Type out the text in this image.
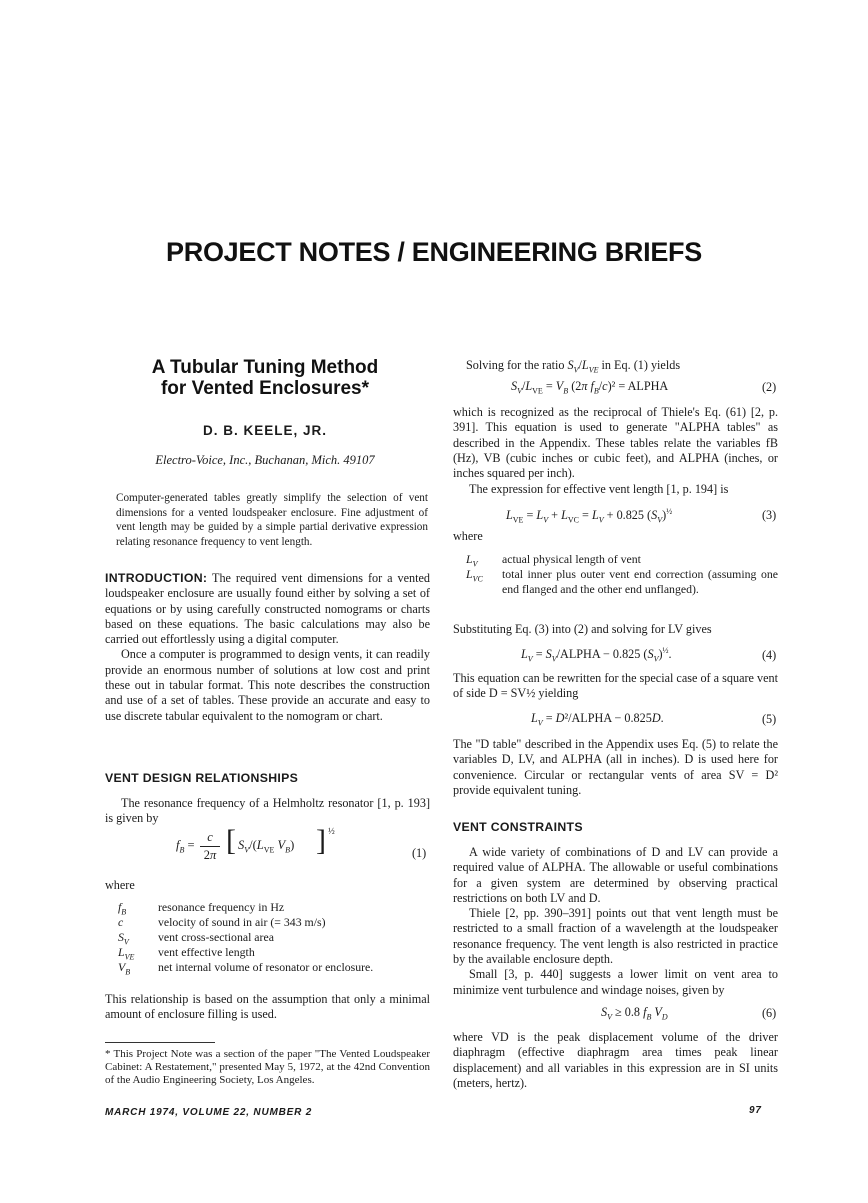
PROJECT NOTES / ENGINEERING BRIEFS
A Tubular Tuning Method
for Vented Enclosures*
D. B. KEELE, JR.
Electro-Voice, Inc., Buchanan, Mich. 49107
Computer-generated tables greatly simplify the selection of vent dimensions for a vented loudspeaker enclosure. Fine adjustment of vent length may be guided by a simple partial derivative expression relating resonance frequency to vent length.

INTRODUCTION: The required vent dimensions for a vented loudspeaker enclosure are usually found either by solving a set of equations or by using carefully constructed nomograms or charts based on these equations. The basic calculations may also be carried out effortlessly using a digital computer.

Once a computer is programmed to design vents, it can readily provide an enormous number of solutions at low cost and print these out in tabular format. This note describes the construction and use of a set of tables. These provide an accurate and easy to use discrete tabular equivalent to the nomogram or chart.

VENT DESIGN RELATIONSHIPS
The resonance frequency of a Helmholtz resonator [1, p. 193] is given by
$f_B$ =
c
2π [ $S_V/(L_{VE}$ $V_B$) ] ½
(1)
where
$f_B$	resonance frequency in Hz
c	velocity of sound in air (= 343 m/s)
$S_V$ vent cross-sectional area
$L_{VE}$ vent effective length
$V_B$ net internal volume of resonator or enclosure.
This relationship is based on the assumption that only a minimal amount of enclosure filling is used.
* This Project Note was a section of the paper "The Vented Loudspeaker Cabinet: A Restatement," presented May 5, 1972, at the 42nd Convention of the Audio Engineering Society, Los Angeles.
MARCH 1974, VOLUME 22, NUMBER 2	97
Solving for the ratio $S_V/L_{VE}$ in Eq. (1) yields
$S_V/L_{VE} = V_B$ (2π $f_B/c)^2$ = ALPHA	(2)
which is recognized as the reciprocal of Thiele's Eq. (61) [2, p. 391]. This equation is used to generate "ALPHA tables" as described in the Appendix. These tables relate the variables fB (Hz), VB (cubic inches or cubic feet), and ALPHA (inches, or inches squared per inch).
The expression for effective vent length [1, p. 194] is
$L_{VE} = L_V + L_{VC} = L_V + 0.825$ $(S_V)^{\frac{1}{2}}$	(3)
where
$L_V$ actual physical length of vent
$L_{VC}$ total inner plus outer vent end correction (assuming one end flanged and the other end unflanged).
Substituting Eq. (3) into (2) and solving for LV gives
$L_V$ = $S_V$/ALPHA − 0.825 $(S_V)^{\frac{1}{2}}$.	(4)
This equation can be rewritten for the special case of a square vent of side D = SV½ yielding
$L_V$ = D²/ALPHA − 0.825D.	(5)
The "D table" described in the Appendix uses Eq. (5) to relate the variables D, LV, and ALPHA (all in inches). D is used here for convenience. Circular or rectangular vents of area SV = D² provide equivalent tuning.
VENT CONSTRAINTS

A wide variety of combinations of D and LV can provide a required value of ALPHA. The allowable or useful combinations for a given system are determined by observing practical restrictions on both LV and D.

Thiele [2, pp. 390–391] points out that vent length must be restricted to a small fraction of a wavelength at the loudspeaker resonance frequency. The vent length is also restricted in practice by the available enclosure depth.

Small [3, p. 440] suggests a lower limit on vent area to minimize vent turbulence and windage noises, given by

$S_V \ge 0.8$ $f_B$ $V_D$	(6)
where VD is the peak displacement volume of the driver diaphragm (effective diaphragm area times peak linear displacement) and all variables in this expression are in SI units (meters, hertz).
